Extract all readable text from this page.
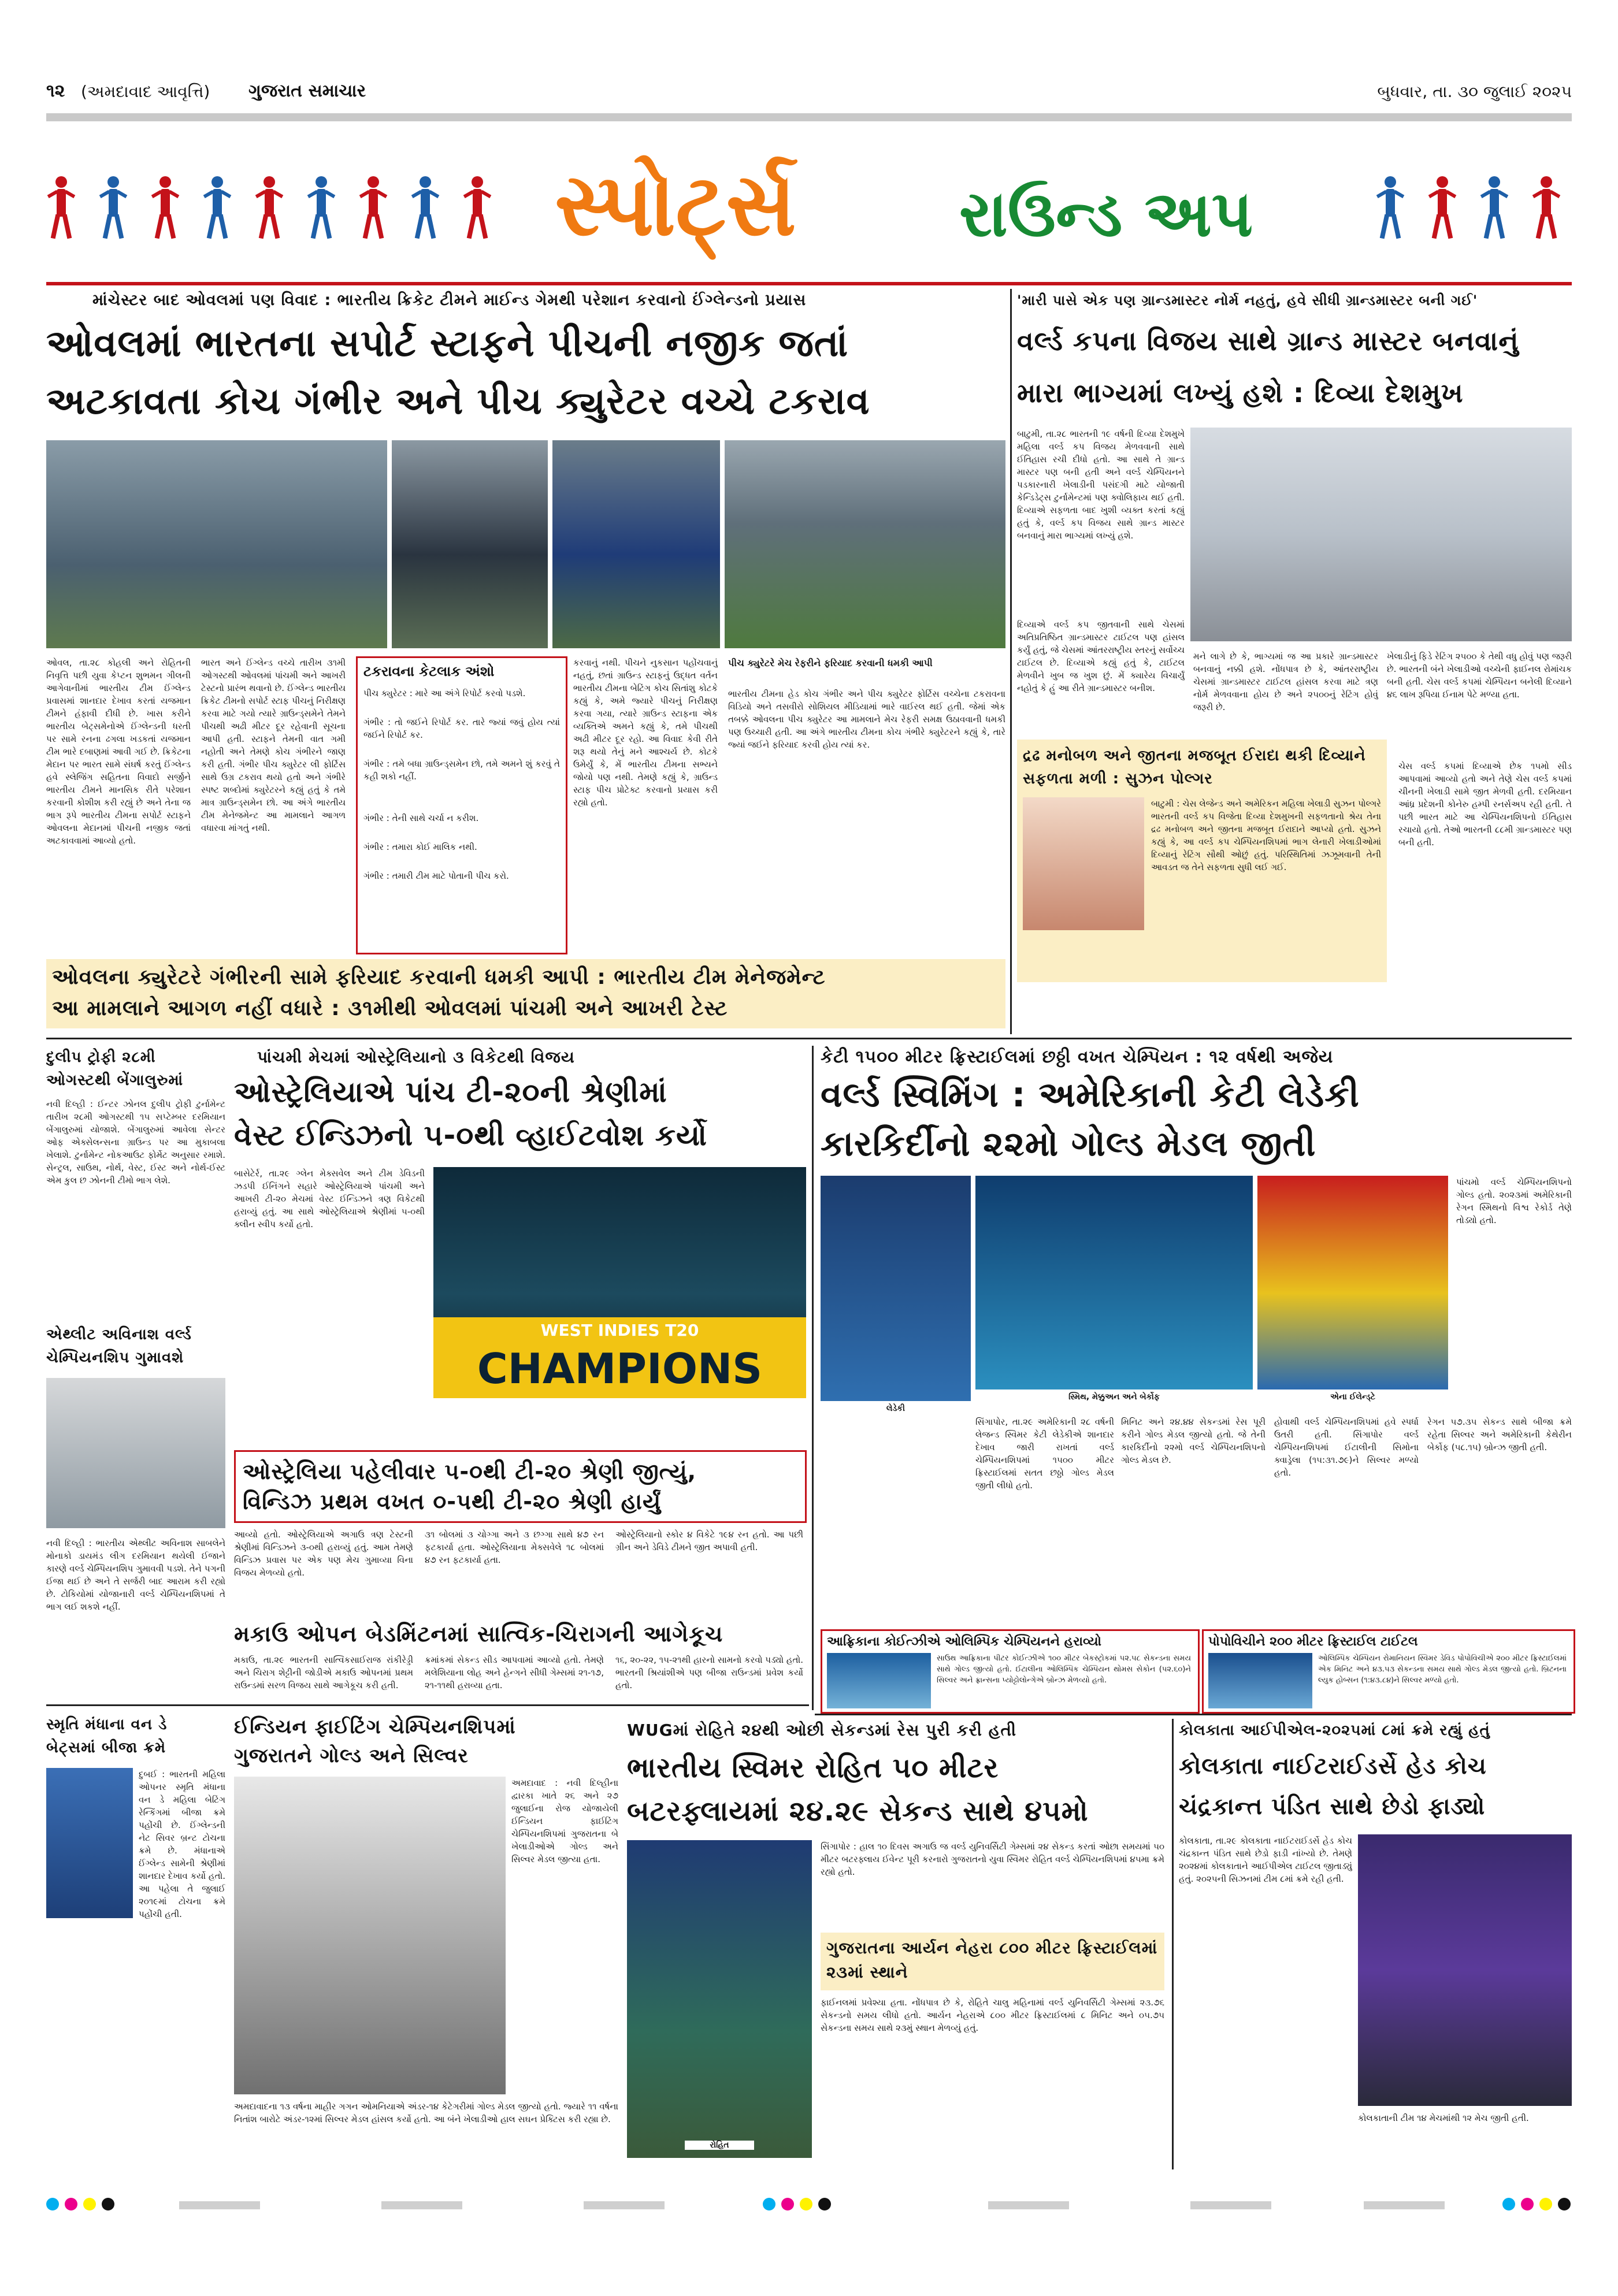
૧૨ (અમદાવાદ આવૃત્તિ) ગુજરાત સમાચાર	બુધવાર, તા. ૩૦ જુલાઈ ૨૦૨૫
સ્પોર્ટ્સ	રાઉન્ડ અપ
માંચેસ્ટર બાદ ઓવલમાં પણ વિવાદ : ભારતીય ક્રિકેટ ટીમને માઈન્ડ ગેમથી પરેશાન કરવાનો ઈંગ્લેન્ડનો પ્રયાસ
ઓવલમાં ભારતના સપોર્ટ સ્ટાફને પીચની નજીક જતાં
અટકાવતા કોચ ગંભીર અને પીચ ક્યુરેટર વચ્ચે ટકરાવ
ઓવલ, તા.૨૮ કોહલી અને રોહિતની નિવૃત્તિ પછી યુવા કેપ્ટન શુભમન ગીલની આગેવાનીમાં ભારતીય ટીમ ઈંગ્લેન્ડ પ્રવાસમાં શાનદાર દેખાવ કરતાં યજમાન ટીમને હંફાવી દીધી છે. ખાસ કરીને ભારતીય બેટ્સમેનોએ ઈંગ્લેન્ડની ધરતી પર સામે રનના ઢગલા ખડકતાં યજમાન ટીમ ભારે દબાણમાં આવી ગઈ છે. ક્રિકેટના મેદાન પર ભારત સામે સંઘર્ષ કરતું ઈંગ્લેન્ડ હવે સ્લેજિંગ સહિતના વિવાદો સર્જીને ભારતીય ટીમને માનસિક રીતે પરેશાન કરવાની કોશીશ કરી રહ્યું છે અને તેના જ ભાગ રૂપે ભારતીય ટીમના સપોર્ટ સ્ટાફને ઓવલના મેદાનમાં પીચની નજીક જતાં અટકાવવામાં આવ્યો હતો.
ભારત અને ઈંગ્લેન્ડ વચ્ચે તારીખ ૩૧મી ઓગસ્ટથી ઓવલમાં પાંચમી અને આખરી ટેસ્ટનો પ્રારંભ થવાનો છે. ઈંગ્લેન્ડ ભારતીય ક્રિકેટ ટીમનો સપોર્ટ સ્ટાફ પીચનું નિરીક્ષણ કરવા માટે ગયો ત્યારે ગ્રાઉન્ડ્સમેને તેમને પીચથી અઢી મીટર દૂર રહેવાની સૂચના આપી હતી. સ્ટાફને તેમની વાત ગમી નહોતી અને તેમણે કોચ ગંભીરને જાણ કરી હતી. ગંભીર પીચ ક્યુરેટર લી ફોર્ટિસ સાથે ઉગ્ર ટકરાવ થયો હતો અને ગંભીરે સ્પષ્ટ શબ્દોમાં ક્યુરેટરને કહ્યું હતું કે તમે માત્ર ગ્રાઉન્ડ્સમેન છો. આ અંગે ભારતીય ટીમ મેનેજમેન્ટ આ મામલાને આગળ વધારવા માંગતું નથી.
ટકરાવના કેટલાક અંશો
પીચ ક્યુરેટર : મારે આ અંગે રિપોર્ટ કરવો પડશે.
ગંભીર : તો જઈને રિપોર્ટ કર. તારે જ્યાં જવું હોય ત્યાં જઈને રિપોર્ટ કર.
ગંભીર : તમે બધા ગ્રાઉન્ડ્સમેન છો, તમે અમને શું કરવું તે કહી શકો નહીં.
ગંભીર : તેની સાથે ચર્ચા ન કરીશ.
ગંભીર : તમારા કોઈ માલિક નથી.
ગંભીર : તમારી ટીમ માટે પોતાની પીચ કરો.
કરવાનું નથી. પીચને નુકસાન પહોંચવાનું નહતું, છતાં ગ્રાઉન્ડ સ્ટાફનું ઉદ્ધત વર્તન ભારતીય ટીમના બેટિંગ કોચ સિતાંશુ કોટકે કહ્યું કે, અમે જ્યારે પીચનું નિરીક્ષણ કરવા ગયા, ત્યારે ગ્રાઉન્ડ સ્ટાફના એક વ્યક્તિએ અમને કહ્યું કે, તમે પીચથી અઢી મીટર દૂર રહો. આ વિવાદ કેવી રીતે શરૂ થયો તેનું મને આશ્ચર્ય છે. કોટકે ઉમેર્યું કે, મેં ભારતીય ટીમના સભ્યને જોયો પણ નથી. તેમણે કહ્યું કે, ગ્રાઉન્ડ સ્ટાફ પીચ પ્રોટેક્ટ કરવાનો પ્રયાસ કરી રહ્યો હતો.
પીચ ક્યુરેટરે મેચ રેફરીને ફરિયાદ કરવાની ધમકી આપી
ભારતીય ટીમના હેડ કોચ ગંભીર અને પીચ ક્યુરેટર ફોર્ટિસ વચ્ચેના ટકરાવના વિડિયો અને તસવીરો સોશિયલ મીડિયામાં ભારે વાઈરલ થઈ હતી. જેમાં એક તબક્કે ઓવલના પીચ ક્યુરેટર આ મામલાને મેચ રેફરી સમક્ષ ઉઠાવવાની ધમકી પણ ઉચ્ચારી હતી. આ અંગે ભારતીય ટીમના કોચ ગંભીરે ક્યુરેટરને કહ્યું કે, તારે જ્યાં જઈને ફરિયાદ કરવી હોય ત્યાં કર.
ઓવલના ક્યુરેટરે ગંભીરની સામે ફરિયાદ કરવાની ધમકી આપી : ભારતીય ટીમ મેનેજમેન્ટ
આ મામલાને આગળ નહીં વધારે : ૩૧મીથી ઓવલમાં પાંચમી અને આખરી ટેસ્ટ
'મારી પાસે એક પણ ગ્રાન્ડમાસ્ટર નોર્મ નહતું, હવે સીધી ગ્રાન્ડમાસ્ટર બની ગઈ'
વર્લ્ડ કપના વિજય સાથે ગ્રાન્ડ માસ્ટર બનવાનું
મારા ભાગ્યમાં લખ્યું હશે : દિવ્યા દેશમુખ
બાટુમી, તા.૨૮ ભારતની ૧૯ વર્ષની દિવ્યા દેશમુખે મહિલા વર્લ્ડ કપ વિજય મેળવવાની સાથે ઈતિહાસ રચી દીધો હતો. આ સાથે તે ગ્રાન્ડ માસ્ટર પણ બની હતી અને વર્લ્ડ ચેમ્પિયનને પડકારનારી ખેલાડીની પસંદગી માટે યોજાતી કેન્ડિડેટ્સ ટુર્નામેન્ટમાં પણ ક્વોલિફાય થઈ હતી. દિવ્યાએ સફળતા બાદ ખુશી વ્યક્ત કરતાં કહ્યું હતું કે, વર્લ્ડ કપ વિજય સાથે ગ્રાન્ડ માસ્ટર બનવાનું મારા ભાગ્યમાં લખ્યું હશે.
દિવ્યાએ વર્લ્ડ કપ જીતવાની સાથે ચેસમાં અતિપ્રતિષ્ઠિત ગ્રાન્ડમાસ્ટર ટાઈટલ પણ હાંસલ કર્યું હતું, જે ચેસમાં આંતરરાષ્ટ્રીય સ્તરનું સર્વોચ્ચ ટાઈટલ છે. દિવ્યાએ કહ્યું હતું કે, ટાઈટલ મેળવીને ખુબ જ ખુશ છું. મેં ક્યારેય વિચાર્યું નહોતું કે હું આ રીતે ગ્રાન્ડમાસ્ટર બનીશ.
મને લાગે છે કે, ભાગ્યમાં જ આ પ્રકારે ગ્રાન્ડમાસ્ટર બનવાનું નક્કી હશે. નોંધપાત્ર છે કે, આંતરરાષ્ટ્રીય ચેસમાં ગ્રાન્ડમાસ્ટર ટાઈટલ હાંસલ કરવા માટે ત્રણ નોર્મ મેળવવાના હોય છે અને ૨૫૦૦નું રેટિંગ હોવું જરૂરી છે.
ખેલાડીનું ફિડે રેટિંગ ૨૫૦૦ કે તેથી વધુ હોવું પણ જરૂરી છે. ભારતની બંને ખેલાડીઓ વચ્ચેની ફાઈનલ રોમાંચક બની હતી. ચેસ વર્લ્ડ કપમાં ચેમ્પિયન બનેલી દિવ્યાને ૪૬ લાખ રૂપિયા ઈનામ પેટે મળ્યા હતા.
દ્રઢ મનોબળ અને જીતના મજબૂત ઈરાદા થકી દિવ્યાને સફળતા મળી : સુઝન પોલ્ગર
બાટુમી : ચેસ લેજેન્ડ અને અમેરિકન મહિલા ખેલાડી સુઝન પોલ્ગરે ભારતની વર્લ્ડ કપ વિજેતા દિવ્યા દેશમુખની સફળતાનો શ્રેય તેના દ્રઢ મનોબળ અને જીતના મજબૂત ઈરાદાને આપ્યો હતો. સુઝને કહ્યું કે, આ વર્લ્ડ કપ ચેમ્પિયનશિપમાં ભાગ લેનારી ખેલાડીઓમાં દિવ્યાનું રેટિંગ સૌથી ઓછું હતું. પરિસ્થિતિમાં ઝઝૂમવાની તેની આવડત જ તેને સફળતા સુધી લઈ ગઈ.
ચેસ વર્લ્ડ કપમાં દિવ્યાએ છેક ૧૫મો સીડ આપવામાં આવ્યો હતો અને તેણે ચેસ વર્લ્ડ કપમાં ચીનની ખેલાડી સામે જીત મેળવી હતી. દરમિયાન આંધ્ર પ્રદેશની કોનેરુ હમ્પી રનર્સઅપ રહી હતી. તે પછી ભારત માટે આ ચેમ્પિયનશિપનો ઈતિહાસ રચાયો હતો. તેઓ ભારતની ૮૮મી ગ્રાન્ડમાસ્ટર પણ બની હતી.
દુલીપ ટ્રોફી ૨૮મી
ઓગસ્ટથી બેંગાલુરુમાં
નવી દિલ્હી : ઈન્ટર ઝોનલ દુલીપ ટ્રોફી ટુર્નામેન્ટ તારીખ ૨૮મી ઓગસ્ટથી ૧૫ સપ્ટેમ્બર દરમિયાન બેંગાલુરુમાં યોજાશે. બેંગાલુરુમાં આવેલા સેન્ટર ઓફ એક્સેલન્સના ગ્રાઉન્ડ પર આ મુકાબલા ખેલાશે. ટુર્નામેન્ટ નોકઆઉટ ફોર્મેટ અનુસાર રમાશે. સેન્ટ્રલ, સાઉથ, નોર્થ, વેસ્ટ, ઈસ્ટ અને નોર્થ-ઈસ્ટ એમ કુલ છ ઝોનની ટીમો ભાગ લેશે.
એથ્લીટ અવિનાશ વર્લ્ડ
ચેમ્પિયનશિપ ગુમાવશે
નવી દિલ્હી : ભારતીય એથ્લીટ અવિનાશ સાબલેને મોનાકો ડાયમંડ લીગ દરમિયાન થયેલી ઈજાને કારણે વર્લ્ડ ચેમ્પિયનશિપ ગુમાવવી પડશે. તેને પગની ઈજા થઈ છે અને તે સર્જરી બાદ આરામ કરી રહ્યો છે. ટોકિયોમાં યોજાનારી વર્લ્ડ ચેમ્પિયનશિપમાં તે ભાગ લઈ શકશે નહીં.
પાંચમી મેચમાં ઓસ્ટ્રેલિયાનો ૩ વિકેટથી વિજય
ઓસ્ટ્રેલિયાએ પાંચ ટી-૨૦ની શ્રેણીમાં
વેસ્ટ ઈન્ડિઝનો ૫-૦થી વ્હાઈટવોશ કર્યો
બાસેટેર્ર, તા.૨૯ ગ્લેન મેક્સવેલ અને ટીમ ડેવિડની ઝડપી ઈનિંગને સહારે ઓસ્ટ્રેલિયાએ પાંચમી અને આખરી ટી-૨૦ મેચમાં વેસ્ટ ઈન્ડિઝને ત્રણ વિકેટથી હરાવ્યું હતું. આ સાથે ઓસ્ટ્રેલિયાએ શ્રેણીમાં ૫-૦થી ક્લીન સ્વીપ કર્યો હતો.
WEST INDIES T20
CHAMPIONS
ઓસ્ટ્રેલિયા પહેલીવાર ૫-૦થી ટી-૨૦ શ્રેણી જીત્યું,
વિન્ડિઝ પ્રથમ વખત ૦-૫થી ટી-૨૦ શ્રેણી હાર્યું
આવ્યો હતો. ઓસ્ટ્રેલિયાએ અગાઉ ત્રણ ટેસ્ટની શ્રેણીમાં વિન્ડિઝને ૩-૦થી હરાવ્યું હતું. આમ તેમણે વિન્ડિઝ પ્રવાસ પર એક પણ મેચ ગુમાવ્યા વિના વિજય મેળવ્યો હતો.
૩૧ બોલમાં ૩ ચોગ્ગા અને ૩ છગ્ગા સાથે ૪૭ રન ફટકાર્યા હતા. ઓસ્ટ્રેલિયાના મેક્સવેલે ૧૮ બોલમાં ૪૭ રન ફટકાર્યા હતા.
ઓસ્ટ્રેલિયાનો સ્કોર ૪ વિકેટે ૧૯૪ રન હતો. આ પછી ગ્રીન અને ડેવિડે ટીમને જીત અપાવી હતી.
કેટી ૧૫૦૦ મીટર ફ્રિસ્ટાઈલમાં છઠ્ઠી વખત ચેમ્પિયન : ૧૨ વર્ષથી અજેય
વર્લ્ડ સ્વિમિંગ : અમેરિકાની કેટી લેડેકી
કારકિર્દીનો ૨૨મો ગોલ્ડ મેડલ જીતી
લેડેકી
સ્મિથ, મેક્કુઅન અને બેર્કોફ	એના ઈલેન્ડ્ટે
પાંચમો વર્લ્ડ ચેમ્પિયનશિપનો ગોલ્ડ હતો. ૨૦૨૩માં અમેરિકાની રેગન સ્મિથનો વિશ્વ રેકોર્ડ તેણે તોડ્યો હતો.
સિંગાપોર, તા.૨૯ અમેરિકાની ૨૮ વર્ષની લેજન્ડ સ્વિમર કેટી લેડેકીએ શાનદાર દેખાવ જારી રાખતાં વર્લ્ડ ચેમ્પિયનશિપમાં ૧૫૦૦ મીટર ફ્રિસ્ટાઈલમાં સતત છઠ્ઠો ગોલ્ડ મેડલ જીતી લીધો હતો.
મિનિટ અને ૨૪.૪૪ સેકન્ડમાં રેસ પૂરી કરીને ગોલ્ડ મેડલ જીત્યો હતો. જે તેની કારકિર્દીનો ૨૨મો વર્લ્ડ ચેમ્પિયનશિપનો ગોલ્ડ મેડલ છે.
હોવાથી વર્લ્ડ ચેમ્પિયનશિપમાં હવે સ્પર્ધા ઉતરી હતી. સિંગાપોર વર્લ્ડ ચેમ્પિયનશિપમાં ઈટાલીની સિમોના ક્વાડ્રેલા (૧૫:૩૧.૭૯)ને સિલ્વર મળ્યો હતો.
રેગન ૫૭.૩૫ સેકન્ડ સાથે બીજા ક્રમે રહેતા સિલ્વર અને અમેરિકાની કેથેરીન બેર્કોફ (૫૮.૧૫) બ્રોન્ઝ જીતી હતી.
આફ્રિકાના કોઈત્ઝીએ ઓલિમ્પિક ચેમ્પિયનને હરાવ્યો
સાઉથ આફ્રિકાના પીટર કોઈત્ઝીએ ૧૦૦ મીટર બેકસ્ટ્રોકમાં ૫૨.૫૮ સેકન્ડના સમય સાથે ગોલ્ડ જીત્યો હતો. ઈટાલીના ઓલિમ્પિક ચેમ્પિયન થોમસ સેકોન (૫૨.૬૦)ને સિલ્વર અને ફ્રાન્સના પ્યોટ્ટોલોન્ગેએ બ્રોન્ઝ મેળવ્યો હતો.
પોપોવિચીને ૨૦૦ મીટર ફ્રિસ્ટાઈલ ટાઈટલ
ઓલિમ્પિક ચેમ્પિયન રોમાનિયન સ્વિમર ડેવિડ પોપોવિચીએ ૨૦૦ મીટર ફ્રિસ્ટાઈલમાં એક મિનિટ અને ૪૩.૫૩ સેકન્ડના સમય સાથે ગોલ્ડ મેડલ જીત્યો હતો. બ્રિટનના લ્યુક હોબ્સન (૧:૪૩.૮૪)ને સિલ્વર મળ્યો હતો.
મકાઉ ઓપન બેડમિંટનમાં સાત્વિક-ચિરાગની આગેકૂચ
મકાઉ, તા.૨૯ ભારતની સાત્વિકસાઈરાજ રાંકીરેડ્ડી અને ચિરાગ શેટ્ટીની જોડીએ મકાઉ ઓપનમાં પ્રથમ રાઉન્ડમાં સરળ વિજય સાથે આગેકૂચ કરી હતી.
ક્રમાંકમાં સેકન્ડ સીડ આપવામાં આવ્યો હતો. તેમણે મલેશિયાના લોહ અને હેન્ગને સીધી ગેમ્સમાં ૨૧-૧૭, ૨૧-૧૧થી હરાવ્યા હતા.
૧૬, ૨૦-૨૨, ૧૫-૨૧થી હારનો સામનો કરવો પડ્યો હતો. ભારતની શ્રિયાંશીએ પણ બીજા રાઉન્ડમાં પ્રવેશ કર્યો હતો.
સ્મૃતિ મંધાના વન ડે
બેટ્સમાં બીજા ક્રમે
દુબઈ : ભારતની મહિલા ઓપનર સ્મૃતિ મંધાના વન ડે મહિલા બેટિંગ રેન્કિંગમાં બીજા ક્રમે પહોંચી છે. ઈંગ્લેન્ડની નેટ સિવર બ્રન્ટ ટોચના ક્રમે છે. મંધાનાએ ઈંગ્લેન્ડ સામેની શ્રેણીમાં શાનદાર દેખાવ કર્યો હતો. આ પહેલા તે જુલાઈ ૨૦૧૯માં ટોચના ક્રમે પહોંચી હતી.
ઈન્ડિયન ફાઈટિંગ ચેમ્પિયનશિપમાં
ગુજરાતને ગોલ્ડ અને સિલ્વર
અમદાવાદ : નવી દિલ્હીના દ્વારકા ખાતે ૨૬ અને ૨૭ જુલાઈના રોજ યોજાયેલી ઈન્ડિયન ફાઈટિંગ ચેમ્પિયનશિપમાં ગુજરાતના બે ખેલાડીઓએ ગોલ્ડ અને સિલ્વર મેડલ જીત્યા હતા.
અમદાવાદના ૧૩ વર્ષના માહીર ગગન ઓમનિયાએ અંડર-૧૪ કેટેગરીમાં ગોલ્ડ મેડલ જીત્યો હતો. જ્યારે ૧૧ વર્ષના નિતાંશ બારોટે અંડર-૧૨માં સિલ્વર મેડલ હાંસલ કર્યો હતો. આ બંને ખેલાડીઓ હાલ સઘન પ્રેક્ટિસ કરી રહ્યા છે.
WUGમાં રોહિતે ૨૪થી ઓછી સેકન્ડમાં રેસ પુરી કરી હતી
ભારતીય સ્વિમર રોહિત ૫૦ મીટર
બટરફ્લાયમાં ૨૪.૨૯ સેકન્ડ સાથે ૪૫મો
રોહિત
સિંગાપોર : હાલ ૧૦ દિવસ અગાઉ જ વર્લ્ડ યુનિવર્સિટી ગેમ્સમાં ૨૪ સેકન્ડ કરતાં ઓછા સમયમાં ૫૦ મીટર બટરફ્લાય ઈવેન્ટ પૂરી કરનારો ગુજરાતનો યુવા સ્વિમર રોહિત વર્લ્ડ ચેમ્પિયનશિપમાં ૪૫મા ક્રમે રહ્યો હતો.
ગુજરાતના આર્યન નેહરા ૮૦૦ મીટર ફ્રિસ્ટાઈલમાં ૨૩માં સ્થાને
ફાઈનલમાં પ્રવેશ્યા હતા. નોંધપાત્ર છે કે, રોહિતે ચાલુ મહિનામાં વર્લ્ડ યુનિવર્સિટી ગેમ્સમાં ૨૩.૭૬ સેકન્ડનો સમય લીધો હતો. આર્યન નેહરાએ ૮૦૦ મીટર ફ્રિસ્ટાઈલમાં ૮ મિનિટ અને ૦૫.૭૫ સેકન્ડના સમય સાથે ૨૩મું સ્થાન મેળવ્યું હતું.
કોલકાતા આઈપીએલ-૨૦૨૫માં ૮માં ક્રમે રહ્યું હતું
કોલકાતા નાઈટરાઈડર્સે હેડ કોચ
ચંદ્રકાન્ત પંડિત સાથે છેડો ફાડ્યો
કોલકાતા, તા.૨૯ કોલકાતા નાઈટરાઈડર્સે હેડ કોચ ચંદ્રકાન્ત પંડિત સાથે છેડો ફાડી નાંખ્યો છે. તેમણે ૨૦૨૪માં કોલકાતાને આઈપીએલ ટાઈટલ જીતાડ્યું હતું. ૨૦૨૫ની સિઝનમાં ટીમ ૮માં ક્રમે રહી હતી.
કોલકાતાની ટીમ ૧૪ મેચમાંથી ૧૨ મેચ જીતી હતી.
